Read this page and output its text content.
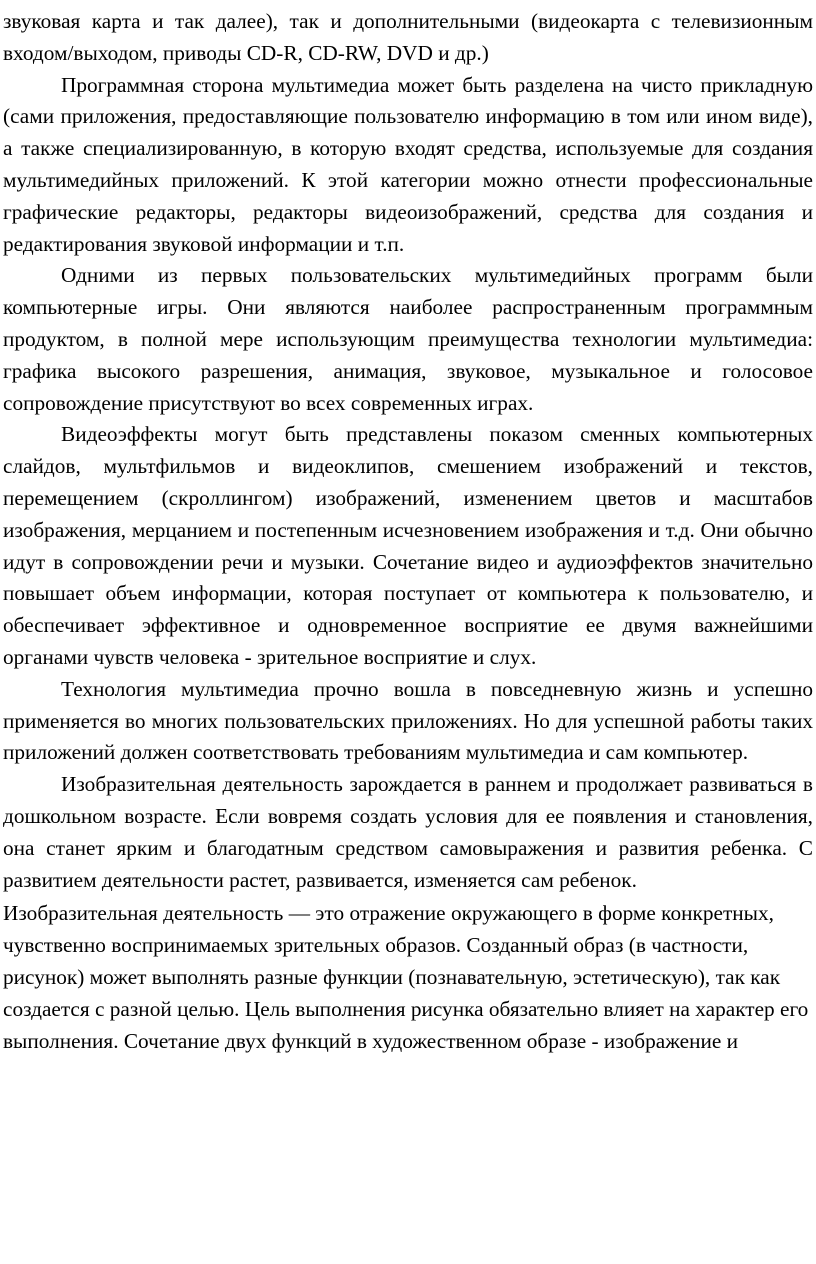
звуковая карта и так далее), так и дополнительными (видеокарта с телевизионным входом/выходом, приводы CD-R, CD-RW, DVD и др.)

Программная сторона мультимедиа может быть разделена на чисто прикладную (сами приложения, предоставляющие пользователю информацию в том или ином виде), а также специализированную, в которую входят средства, используемые для создания мультимедийных приложений. К этой категории можно отнести профессиональные графические редакторы, редакторы видеоизображений, средства для создания и редактирования звуковой информации и т.п.

Одними из первых пользовательских мультимедийных программ были компьютерные игры. Они являются наиболее распространенным программным продуктом, в полной мере использующим преимущества технологии мультимедиа: графика высокого разрешения, анимация, звуковое, музыкальное и голосовое сопровождение присутствуют во всех современных играх.

Видеоэффекты могут быть представлены показом сменных компьютерных слайдов, мультфильмов и видеоклипов, смешением изображений и текстов, перемещением (скроллингом) изображений, изменением цветов и масштабов изображения, мерцанием и постепенным исчезновением изображения и т.д. Они обычно идут в сопровождении речи и музыки. Сочетание видео и аудиоэффектов значительно повышает объем информации, которая поступает от компьютера к пользователю, и обеспечивает эффективное и одновременное восприятие ее двумя важнейшими органами чувств человека - зрительное восприятие и слух.

Технология мультимедиа прочно вошла в повседневную жизнь и успешно применяется во многих пользовательских приложениях. Но для успешной работы таких приложений должен соответствовать требованиям мультимедиа и сам компьютер.

Изобразительная деятельность зарождается в раннем и продолжает развиваться в дошкольном возрасте. Если вовремя создать условия для ее появления и становления, она станет ярким и благодатным средством самовыражения и развития ребенка. С развитием деятельности растет, развивается, изменяется сам ребенок.

Изобразительная деятельность — это отражение окружающего в форме конкретных, чувственно воспринимаемых зрительных образов. Созданный образ (в частности, рисунок) может выполнять разные функции (познавательную, эстетическую), так как создается с разной целью. Цель выполнения рисунка обязательно влияет на характер его выполнения. Сочетание двух функций в художественном образе - изображение и
